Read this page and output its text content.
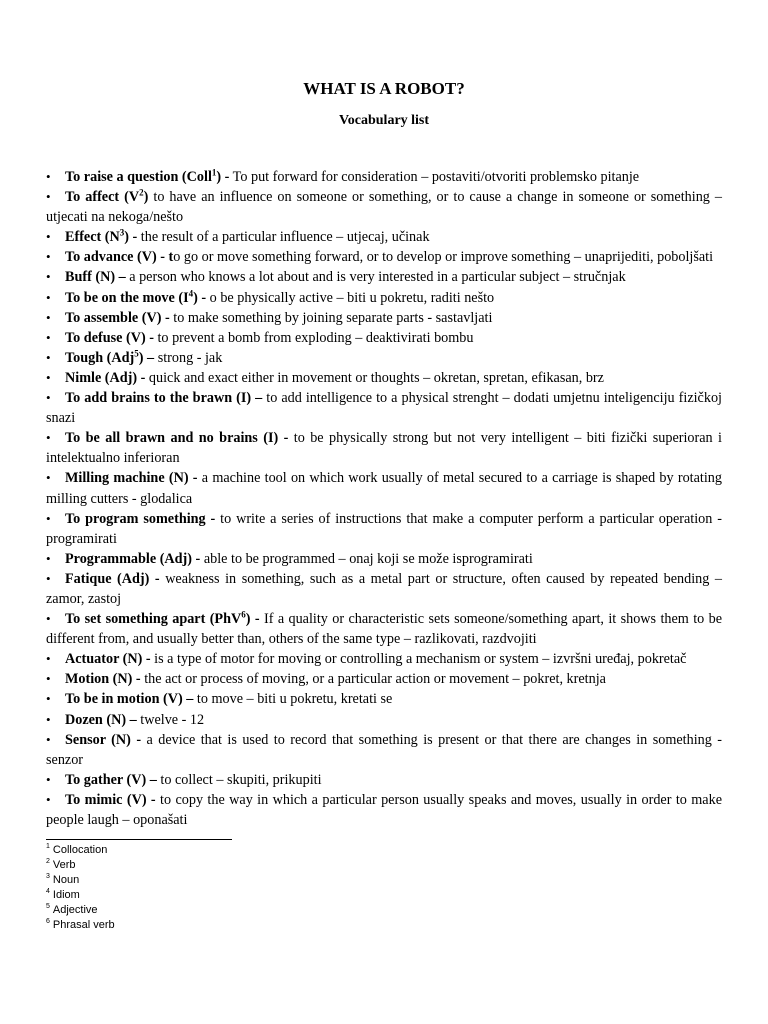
WHAT IS A ROBOT?
Vocabulary list
• To raise a question (Coll$^1$) - To put forward for consideration – postaviti/otvoriti problemsko pitanje
• To affect $(V^2)$ to have an influence on someone or something, or to cause a change in someone or something – utjecati na nekoga/nešto
• Effect $(N^3)$ - the result of a particular influence – utjecaj, učinak
• To advance (V) - to go or move something forward, or to develop or improve something – unaprijediti, poboljšati
• Buff (N) – a person who knows a lot about and is very interested in a particular subject – stručnjak
• To be on the move $(I^4)$ - o be physically active – biti u pokretu, raditi nešto
• To assemble (V) - to make something by joining separate parts - sastavljati
• To defuse (V) - to prevent a bomb from exploding – deaktivirati bombu
• Tough (Adj$^5$) – strong - jak
• Nimle (Adj) - quick and exact either in movement or thoughts – okretan, spretan, efikasan, brz
• To add brains to the brawn (I) – to add intelligence to a physical strenght – dodati umjetnu inteligenciju fizičkoj snazi
• To be all brawn and no brains (I) - to be physically strong but not very intelligent – biti fizički superioran i intelektualno inferioran
• Milling machine (N) - a machine tool on which work usually of metal secured to a carriage is shaped by rotating milling cutters - glodalica
• To program something - to write a series of instructions that make a computer perform a particular operation - programirati
• Programmable (Adj) - able to be programmed – onaj koji se može isprogramirati
• Fatique (Adj) - weakness in something, such as a metal part or structure, often caused by repeated bending –zamor, zastoj
• To set something apart (PhV$^6$) - If a quality or characteristic sets someone/something apart, it shows them to be different from, and usually better than, others of the same type – razlikovati, razdvojiti
• Actuator (N) - is a type of motor for moving or controlling a mechanism or system – izvršni uređaj, pokretač
• Motion (N) - the act or process of moving, or a particular action or movement – pokret, kretnja
• To be in motion (V) – to move – biti u pokretu, kretati se
• Dozen (N) – twelve - 12
• Sensor (N) - a device that is used to record that something is present or that there are changes in something - senzor
• To gather (V) – to collect – skupiti, prikupiti
• To mimic (V) - to copy the way in which a particular person usually speaks and moves, usually in order to make people laugh – oponašati
$^1$ Collocation
$^2$ Verb
$^3$ Noun
$^4$ Idiom
$^5$ Adjective
$^6$ Phrasal verb
